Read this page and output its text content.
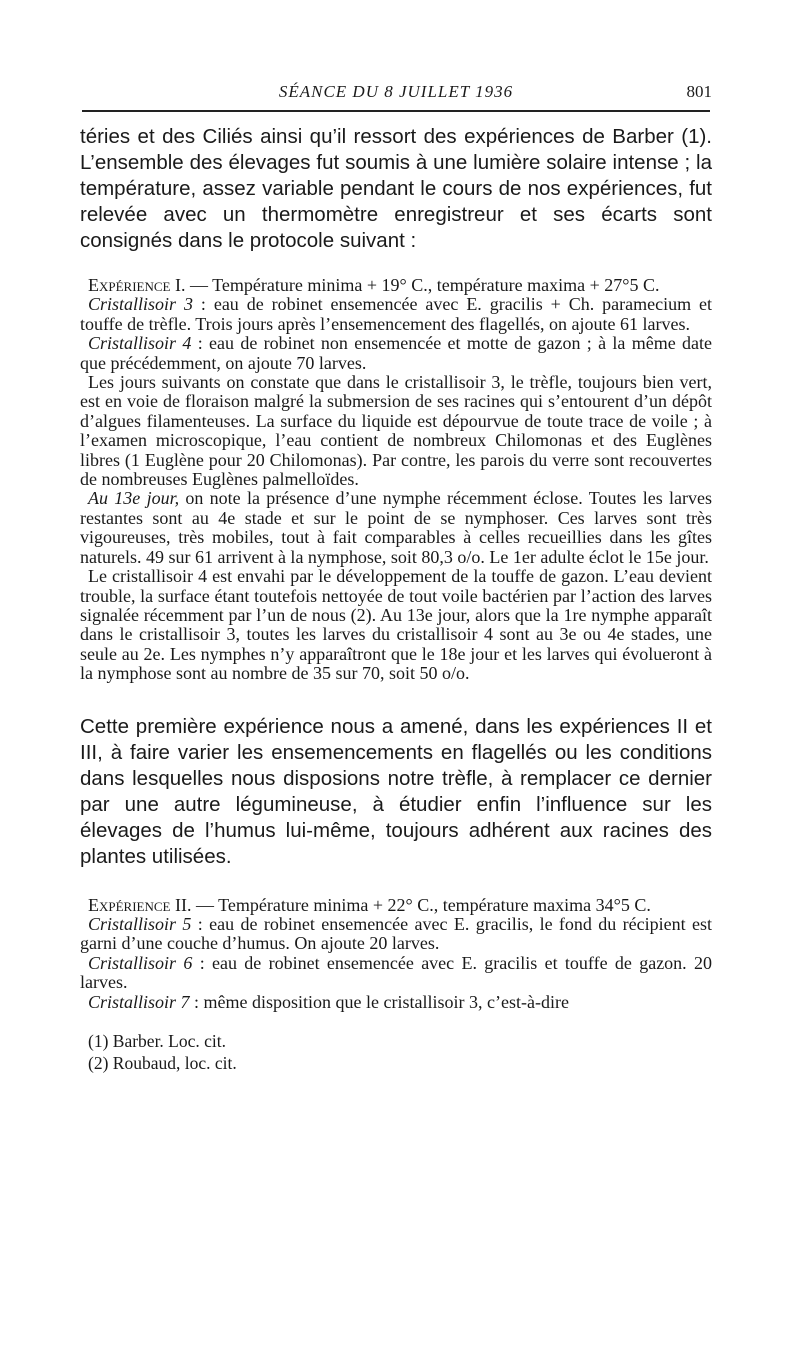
SÉANCE DU 8 JUILLET 1936	801

téries et des Ciliés ainsi qu’il ressort des expériences de Barber (1). L’ensemble des élevages fut soumis à une lumière solaire intense ; la température, assez variable pendant le cours de nos expériences, fut relevée avec un thermomètre enregistreur et ses écarts sont consignés dans le protocole suivant :

Expérience I. — Température minima + 19° C., température maxima + 27°5 C.

Cristallisoir 3 : eau de robinet ensemencée avec E. gracilis + Ch. paramecium et touffe de trèfle. Trois jours après l’ensemencement des flagellés, on ajoute 61 larves.

Cristallisoir 4 : eau de robinet non ensemencée et motte de gazon ; à la même date que précédemment, on ajoute 70 larves.

Les jours suivants on constate que dans le cristallisoir 3, le trèfle, toujours bien vert, est en voie de floraison malgré la submersion de ses racines qui s’entourent d’un dépôt d’algues filamenteuses. La surface du liquide est dépourvue de toute trace de voile ; à l’examen microscopique, l’eau contient de nombreux Chilomonas et des Euglènes libres (1 Euglène pour 20 Chilomonas). Par contre, les parois du verre sont recouvertes de nombreuses Euglènes palmelloïdes.

Au 13e jour, on note la présence d’une nymphe récemment éclose. Toutes les larves restantes sont au 4e stade et sur le point de se nymphoser. Ces larves sont très vigoureuses, très mobiles, tout à fait comparables à celles recueillies dans les gîtes naturels. 49 sur 61 arrivent à la nymphose, soit 80,3 o/o. Le 1er adulte éclot le 15e jour.

Le cristallisoir 4 est envahi par le développement de la touffe de gazon. L’eau devient trouble, la surface étant toutefois nettoyée de tout voile bactérien par l’action des larves signalée récemment par l’un de nous (2). Au 13e jour, alors que la 1re nymphe apparaît dans le cristallisoir 3, toutes les larves du cristallisoir 4 sont au 3e ou 4e stades, une seule au 2e. Les nymphes n’y apparaîtront que le 18e jour et les larves qui évolueront à la nymphose sont au nombre de 35 sur 70, soit 50 o/o.

Cette première expérience nous a amené, dans les expériences II et III, à faire varier les ensemencements en flagellés ou les conditions dans lesquelles nous disposions notre trèfle, à remplacer ce dernier par une autre légumineuse, à étudier enfin l’influence sur les élevages de l’humus lui-même, toujours adhérent aux racines des plantes utilisées.

Expérience II. — Température minima + 22° C., température maxima 34°5 C.

Cristallisoir 5 : eau de robinet ensemencée avec E. gracilis, le fond du récipient est garni d’une couche d’humus. On ajoute 20 larves.

Cristallisoir 6 : eau de robinet ensemencée avec E. gracilis et touffe de gazon. 20 larves.

Cristallisoir 7 : même disposition que le cristallisoir 3, c’est-à-dire

(1) Barber. Loc. cit.

(2) Roubaud, loc. cit.
